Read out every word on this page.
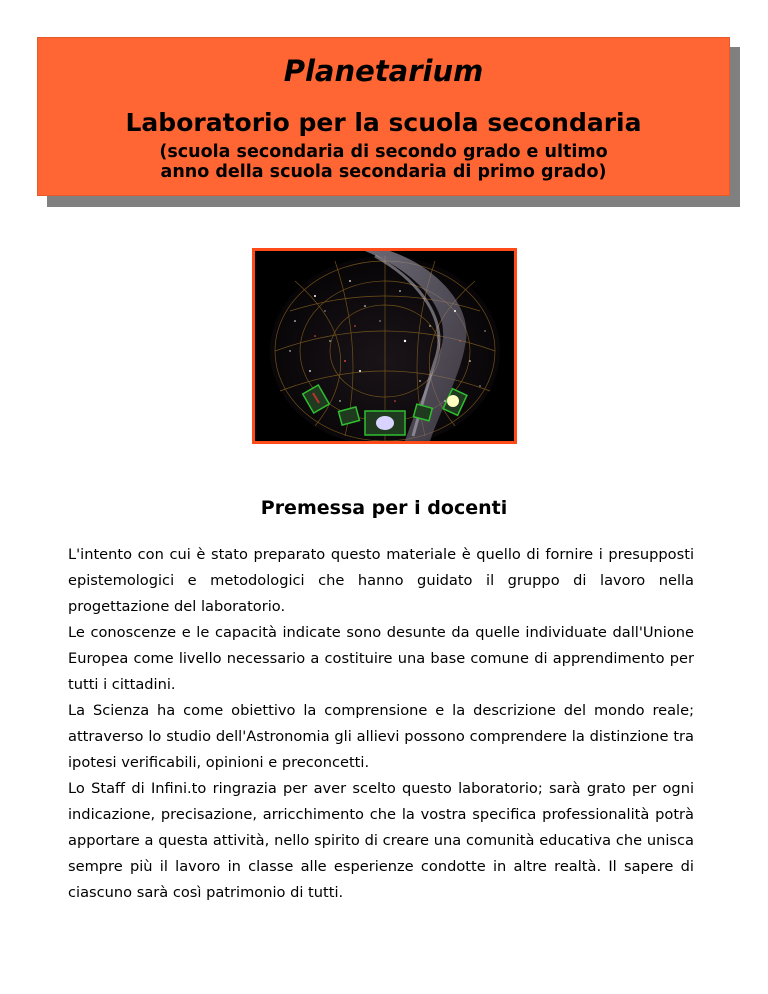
Planetarium
Laboratorio per la scuola secondaria

(scuola secondaria di secondo grado e ultimo anno della scuola secondaria di primo grado)

Premessa per i docenti

L'intento con cui è stato preparato questo materiale è quello di fornire i presupposti epistemologici e metodologici che hanno guidato il gruppo di lavoro nella progettazione del laboratorio.

Le conoscenze e le capacità indicate sono desunte da quelle individuate dall'Unione Europea come livello necessario a costituire una base comune di apprendimento per tutti i cittadini.

La Scienza ha come obiettivo la comprensione e la descrizione del mondo reale; attraverso lo studio dell'Astronomia gli allievi possono comprendere la distinzione tra ipotesi verificabili, opinioni e preconcetti.

Lo Staff di Infini.to ringrazia per aver scelto questo laboratorio; sarà grato per ogni indicazione, precisazione, arricchimento che la vostra specifica professionalità potrà apportare a questa attività, nello spirito di creare una comunità educativa che unisca sempre più il lavoro in classe alle esperienze condotte in altre realtà. Il sapere di ciascuno sarà così patrimonio di tutti.
